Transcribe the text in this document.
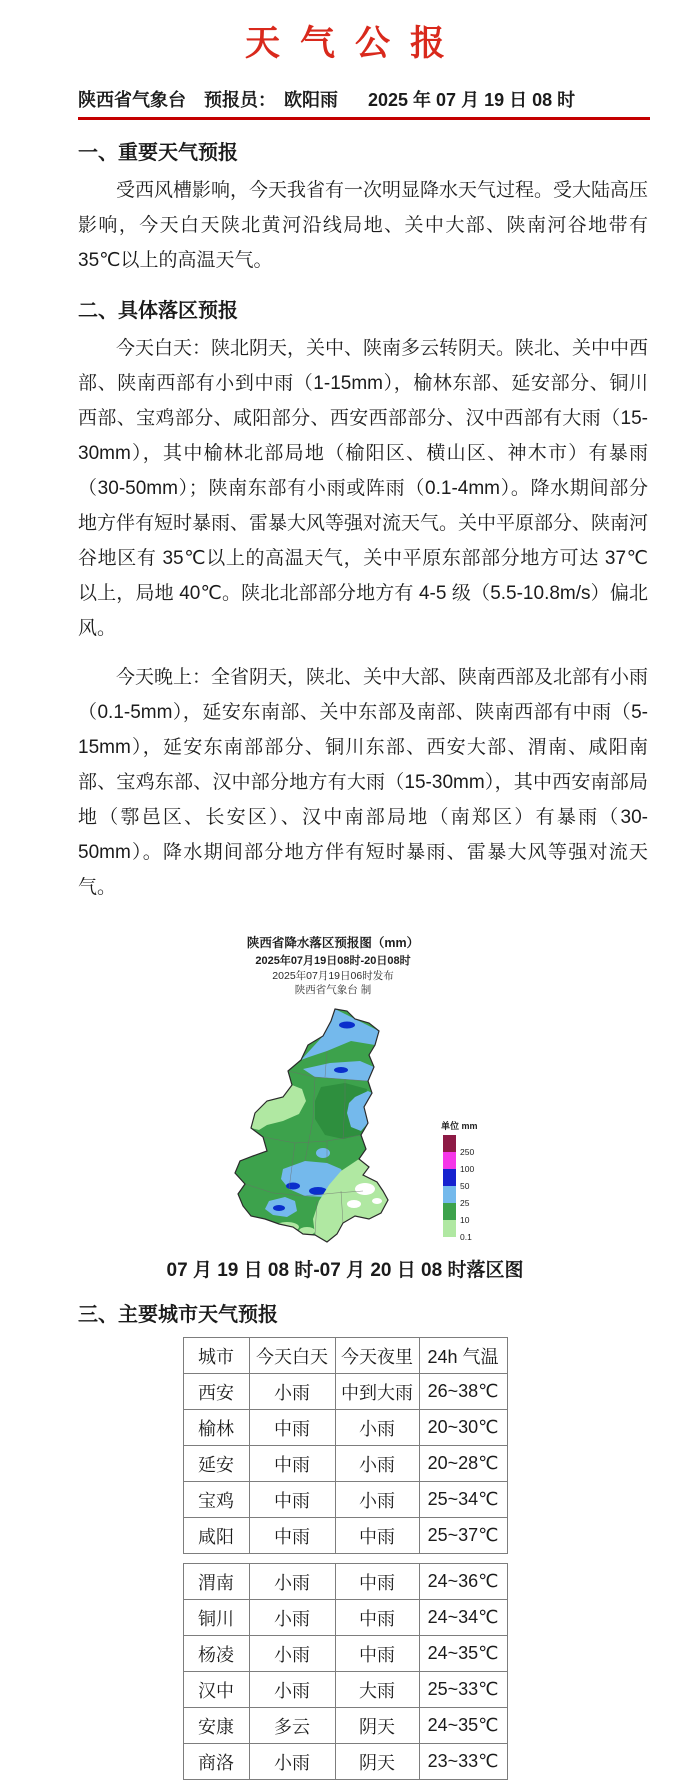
天气公报
陕西省气象台 预报员： 欧阳雨 2025 年 07 月 19 日 08 时
一、重要天气预报

受西风槽影响，今天我省有一次明显降水天气过程。受大陆高压影响，今天白天陕北黄河沿线局地、关中大部、陕南河谷地带有 35℃以上的高温天气。

二、具体落区预报

今天白天：陕北阴天，关中、陕南多云转阴天。陕北、关中中西部、陕南西部有小到中雨（1-15mm），榆林东部、延安部分、铜川西部、宝鸡部分、咸阳部分、西安西部部分、汉中西部有大雨（15-30mm），其中榆林北部局地（榆阳区、横山区、神木市）有暴雨（30-50mm）；陕南东部有小雨或阵雨（0.1-4mm）。降水期间部分地方伴有短时暴雨、雷暴大风等强对流天气。关中平原部分、陕南河谷地区有 35℃以上的高温天气，关中平原东部部分地方可达 37℃以上，局地 40℃。陕北北部部分地方有 4-5 级（5.5-10.8m/s）偏北风。

今天晚上：全省阴天，陕北、关中大部、陕南西部及北部有小雨（0.1-5mm），延安东南部、关中东部及南部、陕南西部有中雨（5-15mm），延安东南部部分、铜川东部、西安大部、渭南、咸阳南部、宝鸡东部、汉中部分地方有大雨（15-30mm），其中西安南部局地（鄠邑区、长安区）、汉中南部局地（南郑区）有暴雨（30-50mm）。降水期间部分地方伴有短时暴雨、雷暴大风等强对流天气。

陕西省降水落区预报图（mm）
2025年07月19日08时-20日08时
2025年07月19日06时发布
陕西省气象台 制
单位 mm
250
100
50
25
10
0.1
07 月 19 日 08 时-07 月 20 日 08 时落区图
三、主要城市天气预报
城市	今天白天	今天夜里	24h 气温
西安	小雨	中到大雨	26~38℃
榆林	中雨	小雨	20~30℃
延安	中雨	小雨	20~28℃
宝鸡	中雨	小雨	25~34℃
咸阳	中雨	中雨	25~37℃
渭南	小雨	中雨	24~36℃
铜川	小雨	中雨	24~34℃
杨凌	小雨	中雨	24~35℃
汉中	小雨	大雨	25~33℃
安康	多云	阴天	24~35℃
商洛	小雨	阴天	23~33℃
